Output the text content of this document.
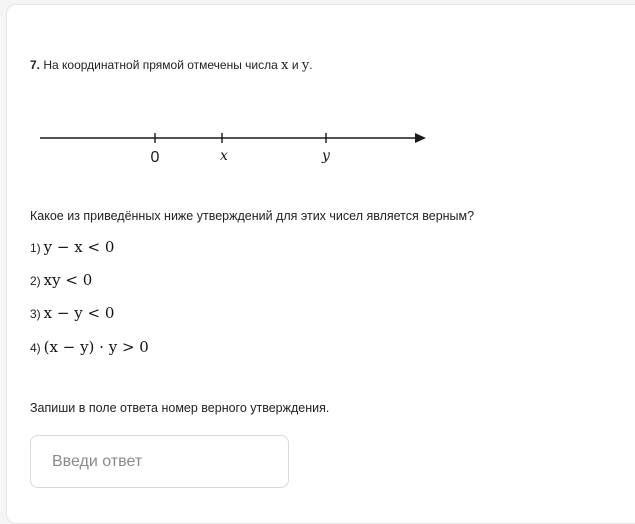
7. На координатной прямой отмечены числа x и y.
0	x	y
Какое из приведённых ниже утверждений для этих чисел является верным?
1) y − x < 0
2) xy < 0
3) x − y < 0
4) (x − y) · y > 0
Запиши в поле ответа номер верного утверждения.
Введи ответ
